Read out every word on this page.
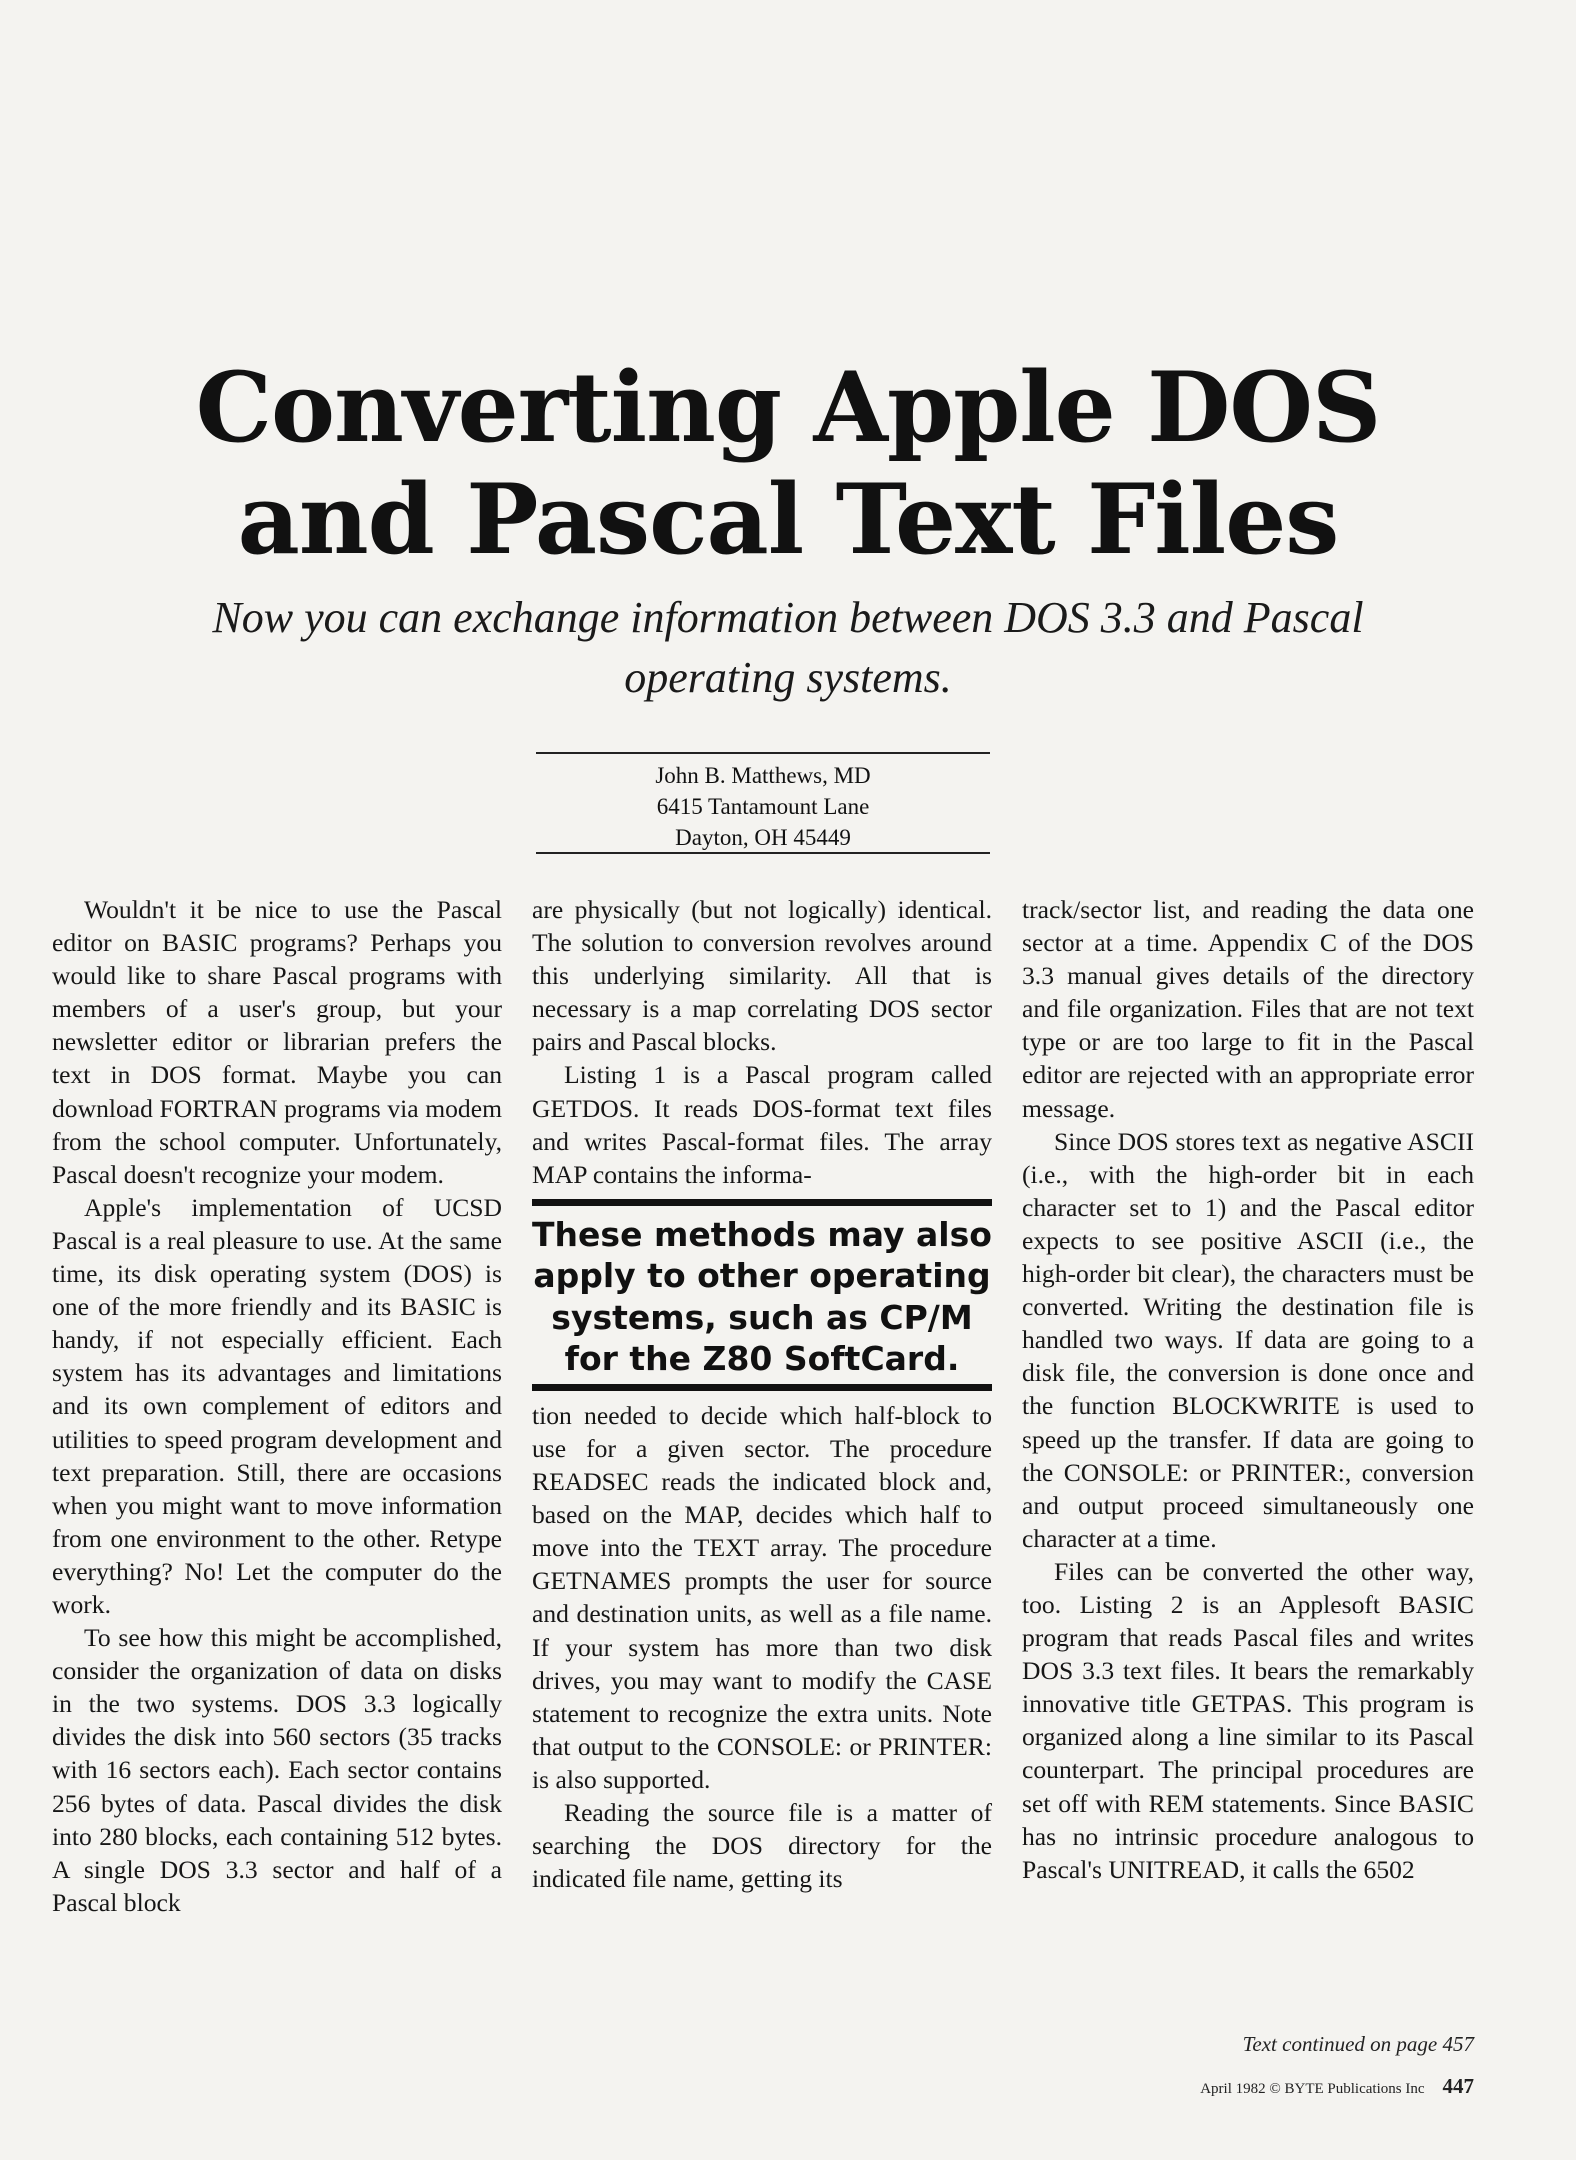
Converting Apple DOS
and Pascal Text Files
Now you can exchange information between DOS 3.3 and Pascal
operating systems.
John B. Matthews, MD
6415 Tantamount Lane
Dayton, OH 45449

Wouldn't it be nice to use the Pascal editor on BASIC programs? Perhaps you would like to share Pascal programs with members of a user's group, but your newsletter editor or librarian prefers the text in DOS format. Maybe you can download FORTRAN programs via modem from the school computer. Unfortunately, Pascal doesn't recognize your modem.

Apple's implementation of UCSD Pascal is a real pleasure to use. At the same time, its disk operating system (DOS) is one of the more friendly and its BASIC is handy, if not especially efficient. Each system has its advantages and limitations and its own complement of editors and utilities to speed program development and text preparation. Still, there are occasions when you might want to move information from one environment to the other. Retype everything? No! Let the computer do the work.

To see how this might be accomplished, consider the organization of data on disks in the two systems. DOS 3.3 logically divides the disk into 560 sectors (35 tracks with 16 sectors each). Each sector contains 256 bytes of data. Pascal divides the disk into 280 blocks, each containing 512 bytes. A single DOS 3.3 sector and half of a Pascal block

are physically (but not logically) identical. The solution to conversion revolves around this underlying similarity. All that is necessary is a map correlating DOS sector pairs and Pascal blocks.

Listing 1 is a Pascal program called GETDOS. It reads DOS-format text files and writes Pascal-format files. The array MAP contains the informa-

These methods may also apply to other operating systems, such as CP/M for the Z80 SoftCard.

tion needed to decide which half-block to use for a given sector. The procedure READSEC reads the indicated block and, based on the MAP, decides which half to move into the TEXT array. The procedure GETNAMES prompts the user for source and destination units, as well as a file name. If your system has more than two disk drives, you may want to modify the CASE statement to recognize the extra units. Note that output to the CONSOLE: or PRINTER: is also supported.

Reading the source file is a matter of searching the DOS directory for the indicated file name, getting its

track/sector list, and reading the data one sector at a time. Appendix C of the DOS 3.3 manual gives details of the directory and file organization. Files that are not text type or are too large to fit in the Pascal editor are rejected with an appropriate error message.

Since DOS stores text as negative ASCII (i.e., with the high-order bit in each character set to 1) and the Pascal editor expects to see positive ASCII (i.e., the high-order bit clear), the characters must be converted. Writing the destination file is handled two ways. If data are going to a disk file, the conversion is done once and the function BLOCKWRITE is used to speed up the transfer. If data are going to the CONSOLE: or PRINTER:, conversion and output proceed simultaneously one character at a time.

Files can be converted the other way, too. Listing 2 is an Applesoft BASIC program that reads Pascal files and writes DOS 3.3 text files. It bears the remarkably innovative title GETPAS. This program is organized along a line similar to its Pascal counterpart. The principal procedures are set off with REM statements. Since BASIC has no intrinsic procedure analogous to Pascal's UNITREAD, it calls the 6502

Text continued on page 457
April 1982 © BYTE Publications Inc 447
